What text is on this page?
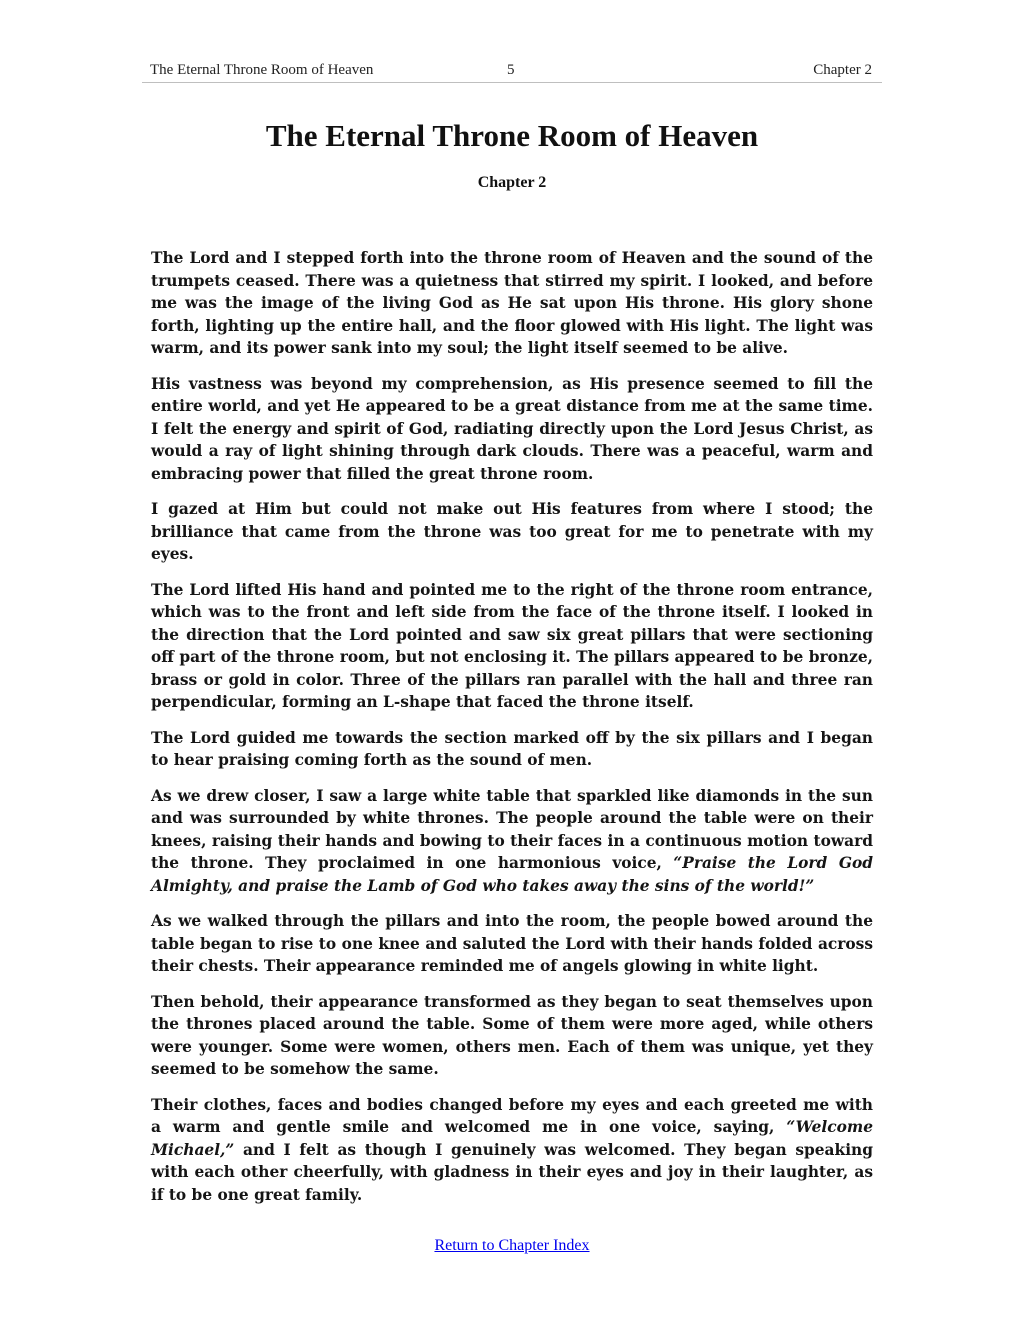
The Eternal Throne Room of Heaven	5	Chapter 2
The Eternal Throne Room of Heaven
Chapter 2

The Lord and I stepped forth into the throne room of Heaven and the sound of the trumpets ceased. There was a quietness that stirred my spirit. I looked, and before me was the image of the living God as He sat upon His throne. His glory shone forth, lighting up the entire hall, and the floor glowed with His light. The light was warm, and its power sank into my soul; the light itself seemed to be alive.

His vastness was beyond my comprehension, as His presence seemed to fill the entire world, and yet He appeared to be a great distance from me at the same time. I felt the energy and spirit of God, radiating directly upon the Lord Jesus Christ, as would a ray of light shining through dark clouds. There was a peaceful, warm and embracing power that filled the great throne room.

I gazed at Him but could not make out His features from where I stood; the brilliance that came from the throne was too great for me to penetrate with my eyes.

The Lord lifted His hand and pointed me to the right of the throne room entrance, which was to the front and left side from the face of the throne itself. I looked in the direction that the Lord pointed and saw six great pillars that were sectioning off part of the throne room, but not enclosing it. The pillars appeared to be bronze, brass or gold in color. Three of the pillars ran parallel with the hall and three ran perpendicular, forming an L-shape that faced the throne itself.

The Lord guided me towards the section marked off by the six pillars and I began to hear praising coming forth as the sound of men.

As we drew closer, I saw a large white table that sparkled like diamonds in the sun and was surrounded by white thrones. The people around the table were on their knees, raising their hands and bowing to their faces in a continuous motion toward the throne. They proclaimed in one harmonious voice, “Praise the Lord God Almighty, and praise the Lamb of God who takes away the sins of the world!”

As we walked through the pillars and into the room, the people bowed around the table began to rise to one knee and saluted the Lord with their hands folded across their chests. Their appearance reminded me of angels glowing in white light.

Then behold, their appearance transformed as they began to seat themselves upon the thrones placed around the table. Some of them were more aged, while others were younger. Some were women, others men. Each of them was unique, yet they seemed to be somehow the same.

Their clothes, faces and bodies changed before my eyes and each greeted me with a warm and gentle smile and welcomed me in one voice, saying, “Welcome Michael,” and I felt as though I genuinely was welcomed. They began speaking with each other cheerfully, with gladness in their eyes and joy in their laughter, as if to be one great family.

Return to Chapter Index
